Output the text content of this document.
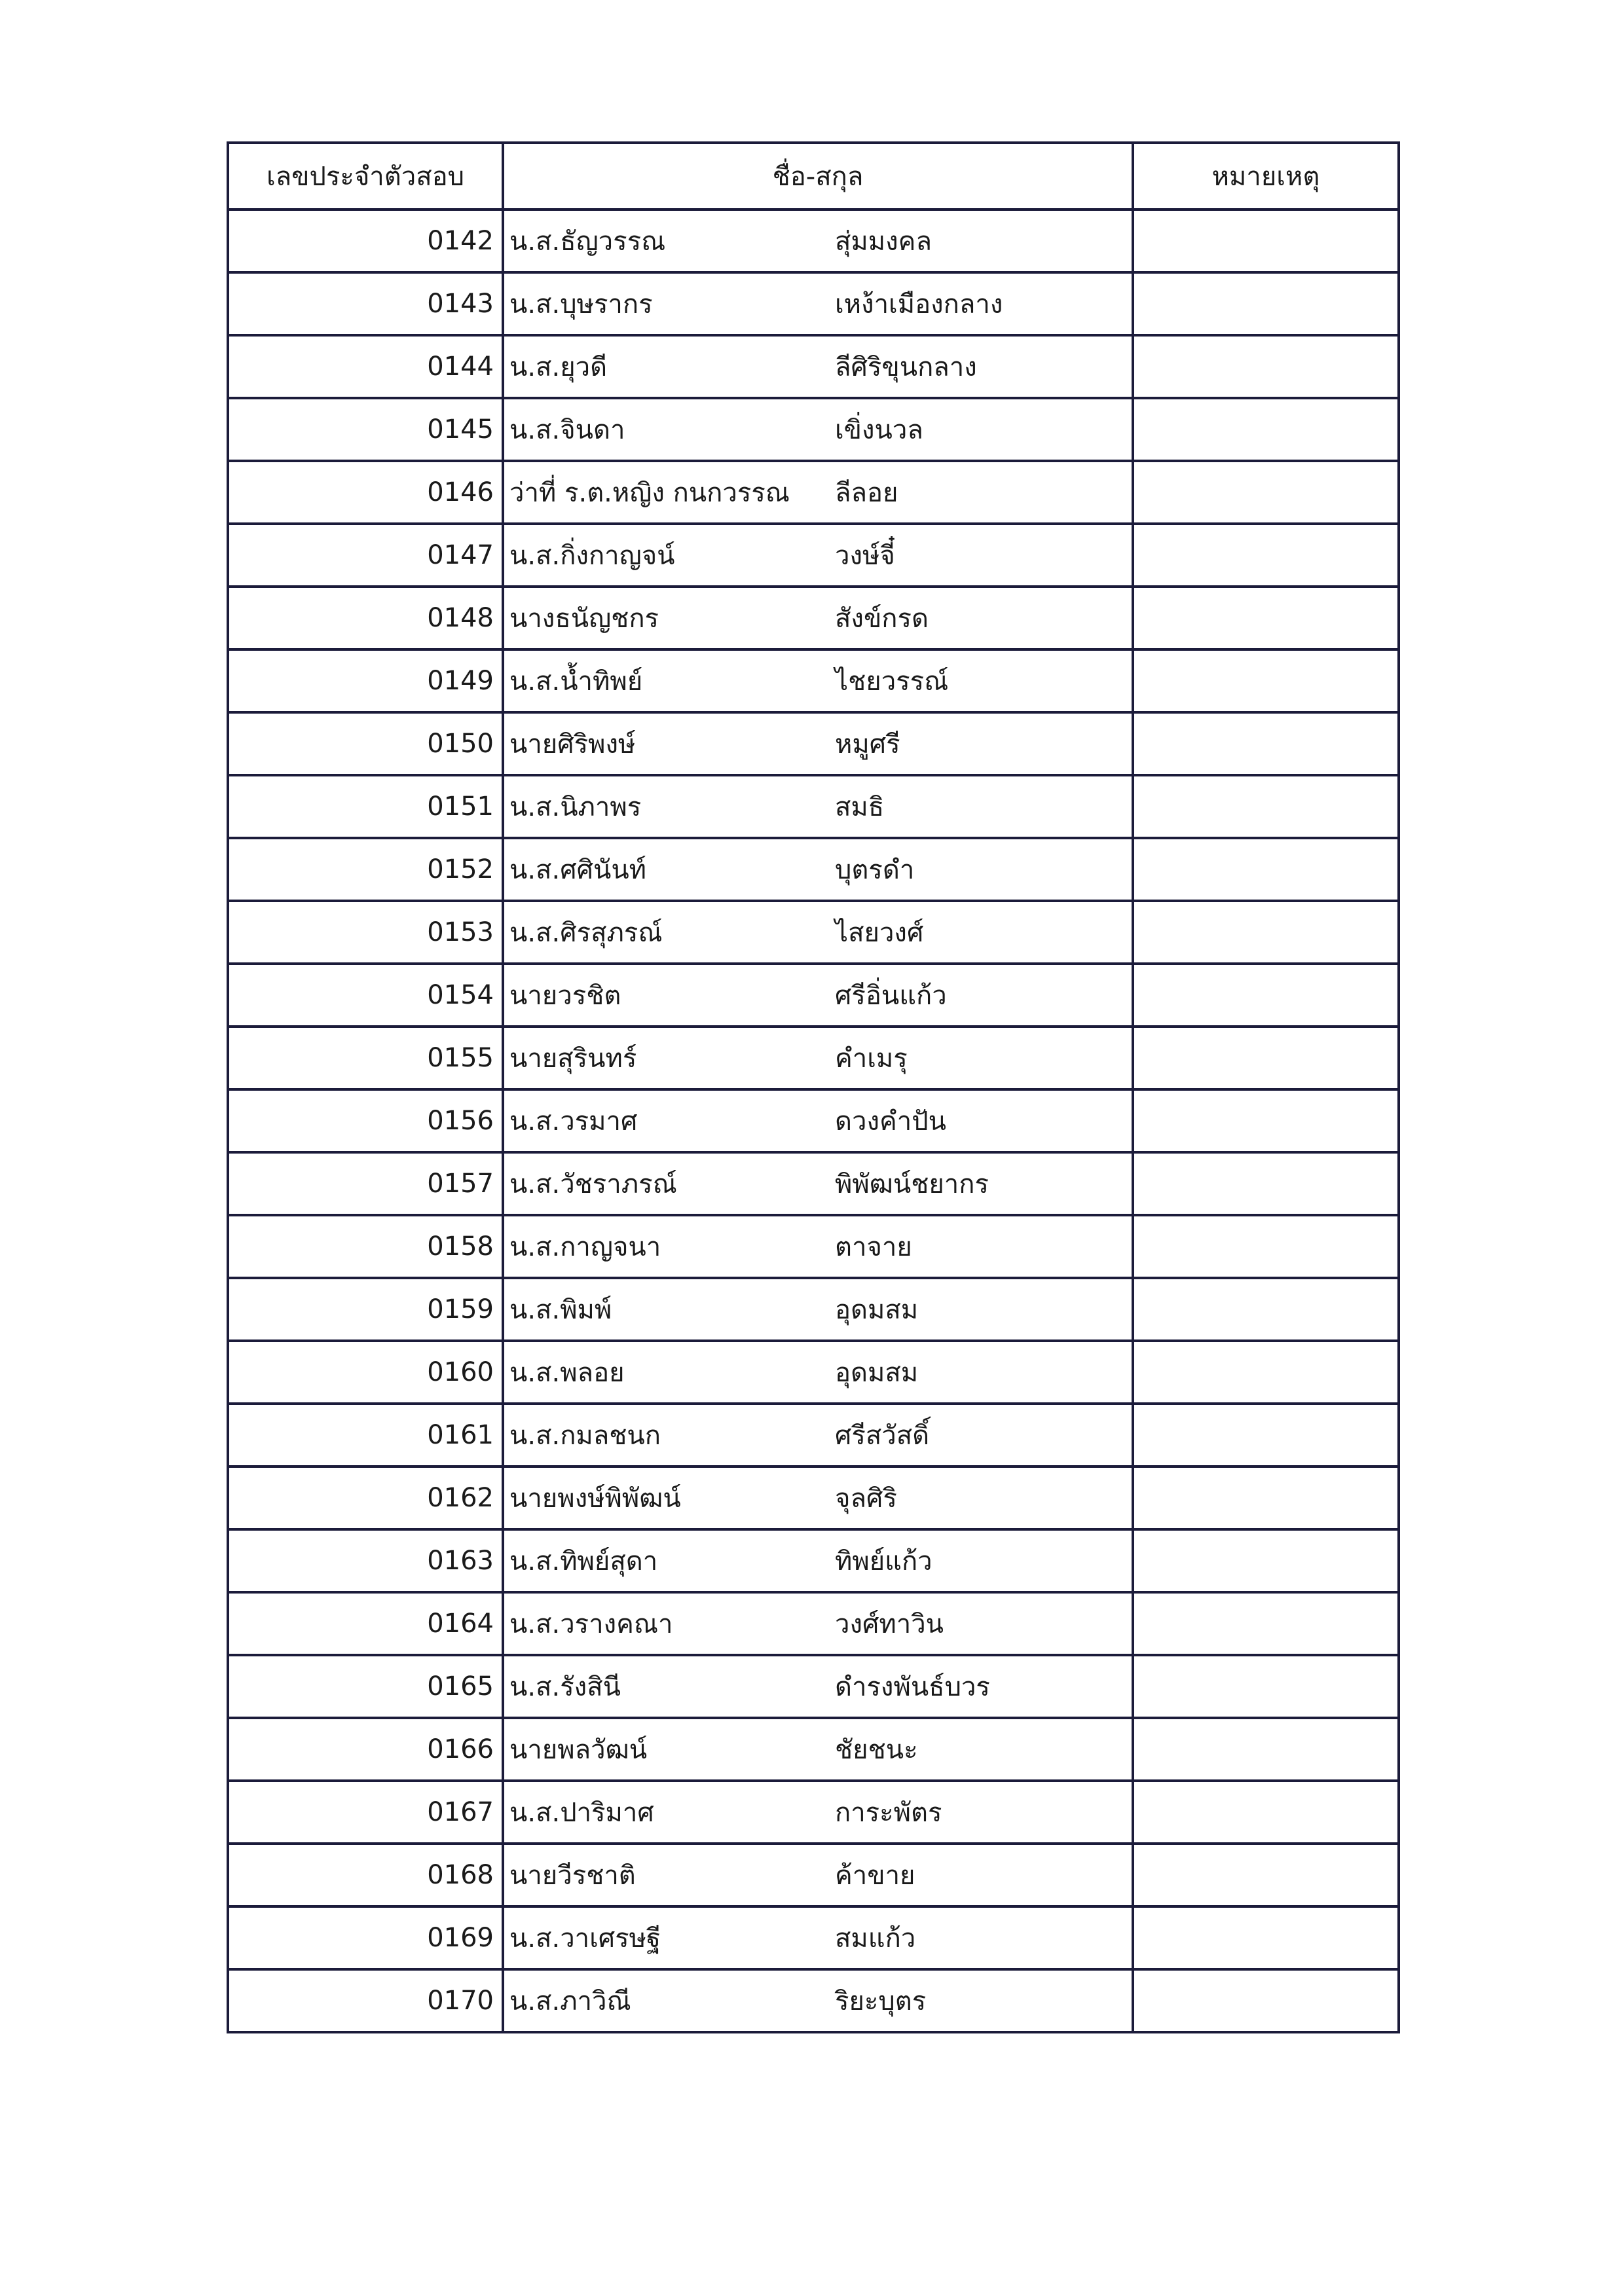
เลขประจำตัวสอบ	ชื่อ-สกุล	หมายเหตุ
0142	น.ส.ธัญวรรณ สุ่มมงคล	

0143	น.ส.บุษรากร เหง้าเมืองกลาง	

0144	น.ส.ยุวดี ลีศิริขุนกลาง	

0145	น.ส.จินดา เขิ่งนวล	

0146	ว่าที่ ร.ต.หญิง กนกวรรณ ลีลอย	

0147	น.ส.กิ่งกาญจน์ วงษ์จี๋	

0148	นางธนัญชกร สังข์กรด	

0149	น.ส.น้ำทิพย์ ไชยวรรณ์	

0150	นายศิริพงษ์ หมูศรี	

0151	น.ส.นิภาพร สมธิ	

0152	น.ส.ศศินันท์ บุตรดำ	

0153	น.ส.ศิรสุภรณ์ ไสยวงศ์	

0154	นายวรชิต ศรีอิ่นแก้ว	

0155	นายสุรินทร์ คำเมรุ	

0156	น.ส.วรมาศ ดวงคำปัน	

0157	น.ส.วัชราภรณ์ พิพัฒน์ชยากร	

0158	น.ส.กาญจนา ตาจาย	

0159	น.ส.พิมพ์ อุดมสม	

0160	น.ส.พลอย อุดมสม	

0161	น.ส.กมลชนก ศรีสวัสดิ์	

0162	นายพงษ์พิพัฒน์ จุลศิริ	

0163	น.ส.ทิพย์สุดา ทิพย์แก้ว	

0164	น.ส.วรางคณา วงศ์ทาวิน	

0165	น.ส.รังสินี ดำรงพันธ์บวร	

0166	นายพลวัฒน์ ชัยชนะ	

0167	น.ส.ปาริมาศ การะพัตร	

0168	นายวีรชาติ ค้าขาย	

0169	น.ส.วาเศรษฐี สมแก้ว	

0170	น.ส.ภาวิณี ริยะบุตร	
